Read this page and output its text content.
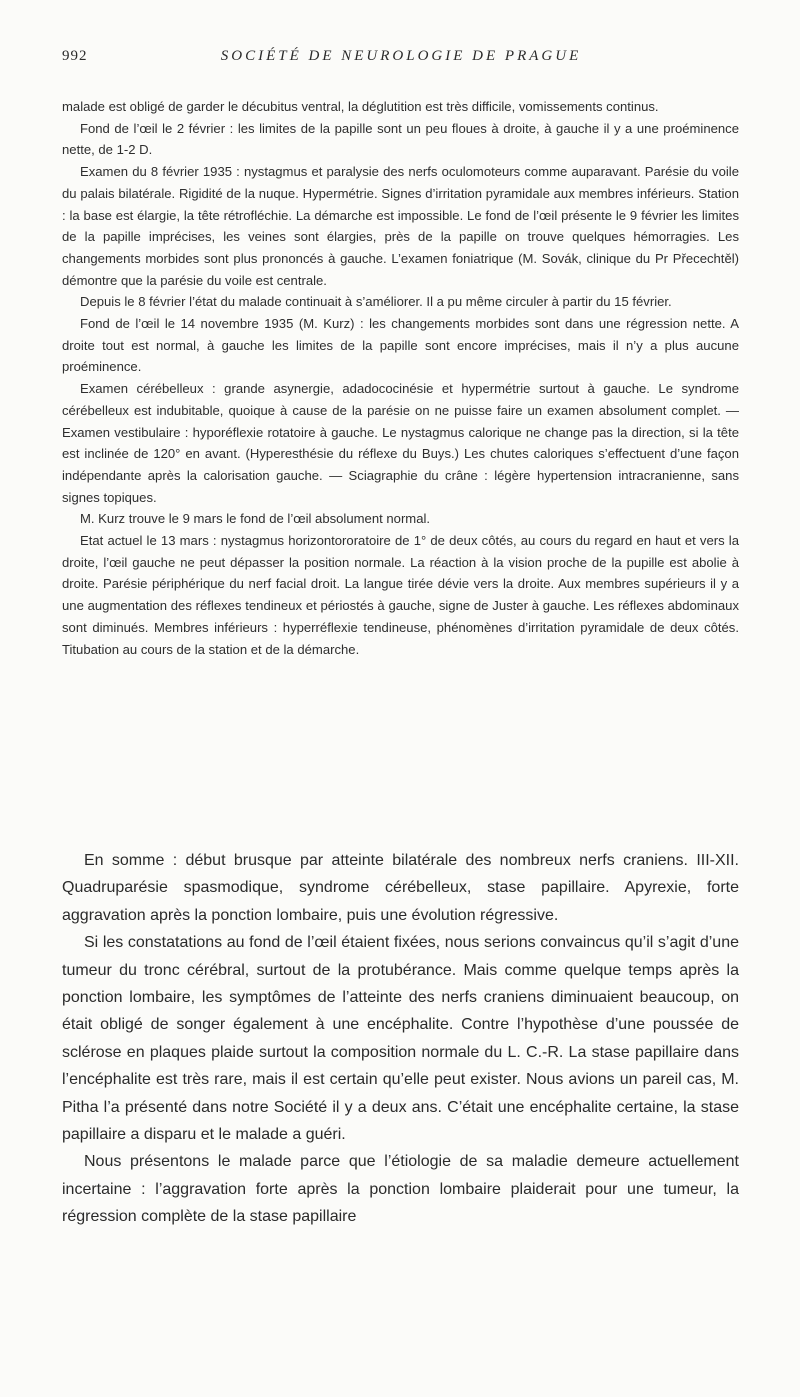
992	SOCIÉTÉ DE NEUROLOGIE DE PRAGUE

malade est obligé de garder le décubitus ventral, la déglutition est très difficile, vomissements continus.

Fond de l’œil le 2 février : les limites de la papille sont un peu floues à droite, à gauche il y a une proéminence nette, de 1-2 D.

Examen du 8 février 1935 : nystagmus et paralysie des nerfs oculomoteurs comme auparavant. Parésie du voile du palais bilatérale. Rigidité de la nuque. Hypermétrie. Signes d’irritation pyramidale aux membres inférieurs. Station : la base est élargie, la tête rétrofléchie. La démarche est impossible. Le fond de l’œil présente le 9 février les limites de la papille imprécises, les veines sont élargies, près de la papille on trouve quelques hémorragies. Les changements morbides sont plus prononcés à gauche. L’examen foniatrique (M. Sovák, clinique du Pr Přecechtěl) démontre que la parésie du voile est centrale.

Depuis le 8 février l’état du malade continuait à s’améliorer. Il a pu même circuler à partir du 15 février.

Fond de l’œil le 14 novembre 1935 (M. Kurz) : les changements morbides sont dans une régression nette. A droite tout est normal, à gauche les limites de la papille sont encore imprécises, mais il n’y a plus aucune proéminence.

Examen cérébelleux : grande asynergie, adadococinésie et hypermétrie surtout à gauche. Le syndrome cérébelleux est indubitable, quoique à cause de la parésie on ne puisse faire un examen absolument complet. — Examen vestibulaire : hyporéflexie rotatoire à gauche. Le nystagmus calorique ne change pas la direction, si la tête est inclinée de 120° en avant. (Hyperesthésie du réflexe du Buys.) Les chutes caloriques s’effectuent d’une façon indépendante après la calorisation gauche. — Sciagraphie du crâne : légère hypertension intracranienne, sans signes topiques.

M. Kurz trouve le 9 mars le fond de l’œil absolument normal.

Etat actuel le 13 mars : nystagmus horizontororatoire de 1° de deux côtés, au cours du regard en haut et vers la droite, l’œil gauche ne peut dépasser la position normale. La réaction à la vision proche de la pupille est abolie à droite. Parésie périphérique du nerf facial droit. La langue tirée dévie vers la droite. Aux membres supérieurs il y a une augmentation des réflexes tendineux et périostés à gauche, signe de Juster à gauche. Les réflexes abdominaux sont diminués. Membres inférieurs : hyperréflexie tendineuse, phénomènes d’irritation pyramidale de deux côtés. Titubation au cours de la station et de la démarche.

En somme : début brusque par atteinte bilatérale des nombreux nerfs craniens. III-XII. Quadruparésie spasmodique, syndrome cérébelleux, stase papillaire. Apyrexie, forte aggravation après la ponction lombaire, puis une évolution régressive.

Si les constatations au fond de l’œil étaient fixées, nous serions convaincus qu’il s’agit d’une tumeur du tronc cérébral, surtout de la protubérance. Mais comme quelque temps après la ponction lombaire, les symptômes de l’atteinte des nerfs craniens diminuaient beaucoup, on était obligé de songer également à une encéphalite. Contre l’hypothèse d’une poussée de sclérose en plaques plaide surtout la composition normale du L. C.-R. La stase papillaire dans l’encéphalite est très rare, mais il est certain qu’elle peut exister. Nous avions un pareil cas, M. Pitha l’a présenté dans notre Société il y a deux ans. C’était une encéphalite certaine, la stase papillaire a disparu et le malade a guéri.

Nous présentons le malade parce que l’étiologie de sa maladie demeure actuellement incertaine : l’aggravation forte après la ponction lombaire plaiderait pour une tumeur, la régression complète de la stase papillaire
